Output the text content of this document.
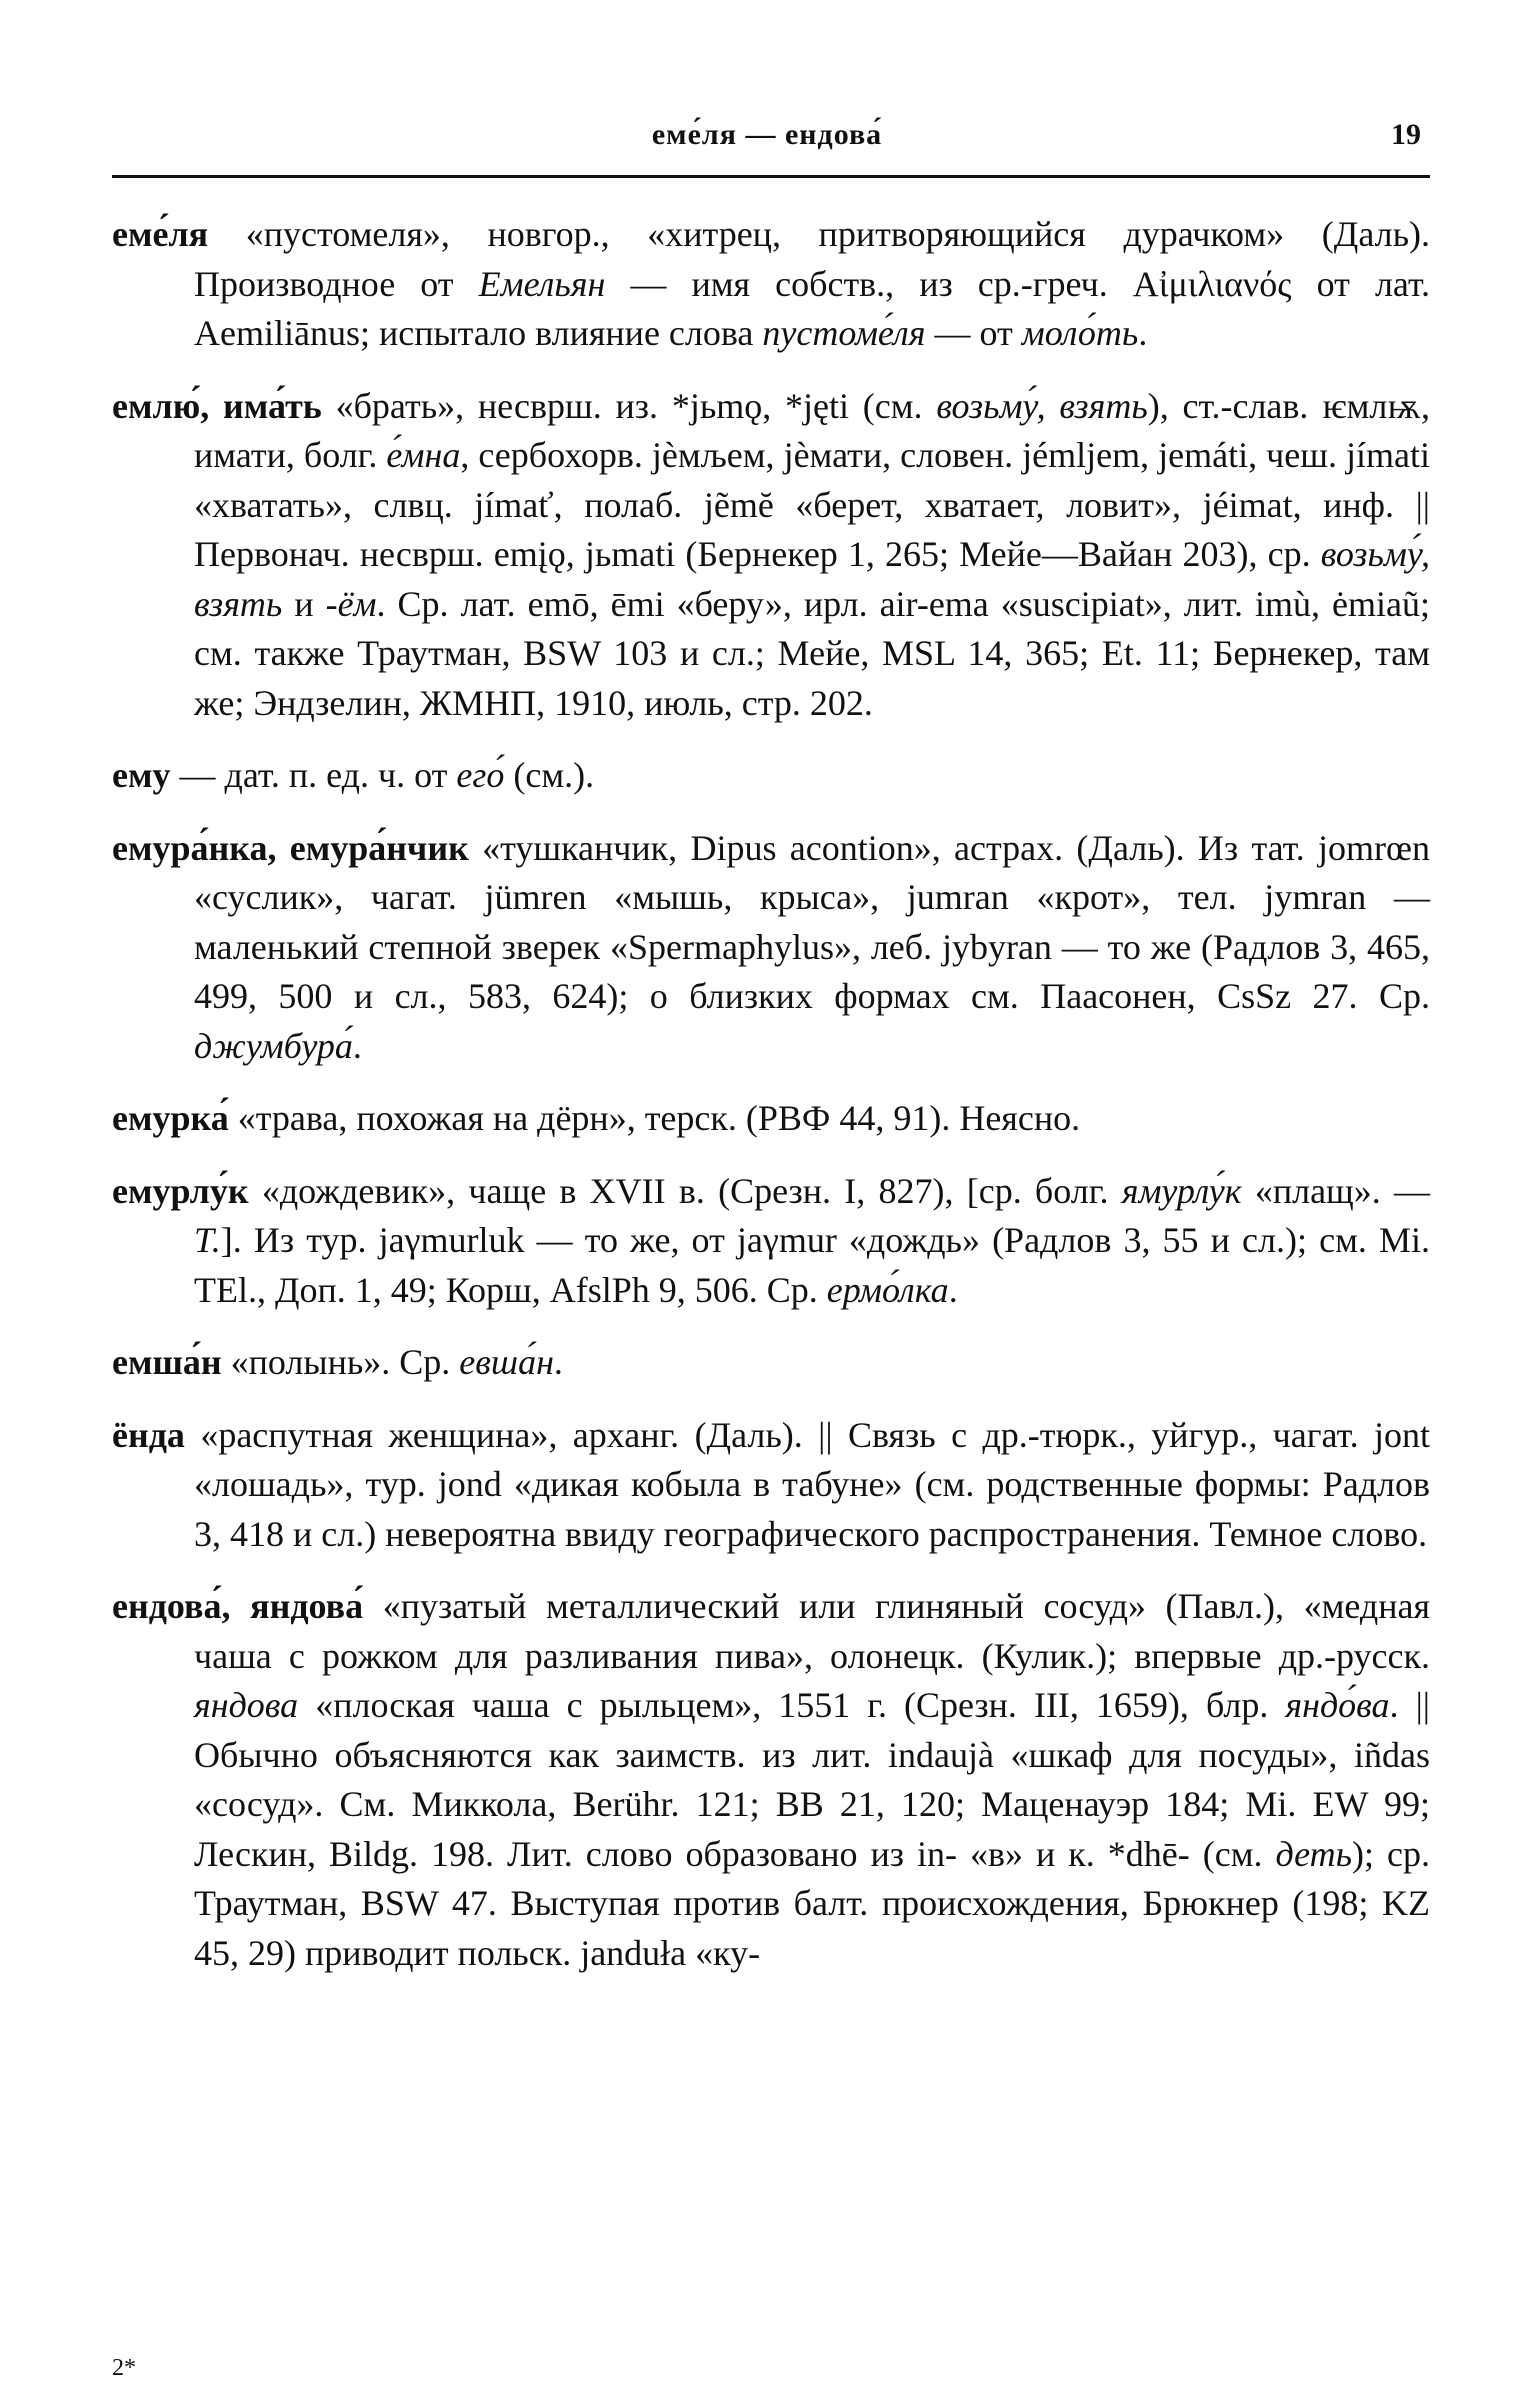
еме́ля — ендова́	19

еме́ля «пустомеля», новгор., «хитрец, притворяющийся дурачком» (Даль). Производное от Емельян — имя собств., из ср.-греч. Αἰμιλιανός от лат. Aemiliānus; испытало влияние слова пустоме́ля — от моло́ть.

емлю́, има́ть «брать», несврш. из. *jьmǫ, *jęti (см. возьму́, взять), ст.-слав. ѥмлѭ, имати, болг. е́мна, сербохорв. jѐмљем, jѐмати, словен. jémljem, jemáti, чеш. jímati «хватать», слвц. jímať, полаб. jẽmĕ «берет, хватает, ловит», jéimat, инф. || Первонач. несврш. emįǫ, jьmati (Бернекер 1, 265; Мейе—Вайан 203), ср. возьму́, взять и -ём. Ср. лат. emō, ēmi «беру», ирл. air-ema «suscipiat», лит. imù, ėmiaũ; см. также Траутман, BSW 103 и сл.; Мейе, MSL 14, 365; Et. 11; Бернекер, там же; Эндзелин, ЖМНП, 1910, июль, стр. 202.

ему — дат. п. ед. ч. от его́ (см.).

емура́нка, емура́нчик «тушканчик, Dipus acontion», астрах. (Даль). Из тат. jomrœn «суслик», чагат. jümren «мышь, крыса», jumran «крот», тел. jymran — маленький степной зверек «Spermaphylus», леб. jybyran — то же (Радлов 3, 465, 499, 500 и сл., 583, 624); о близких формах см. Паасонен, CsSz 27. Ср. джумбура́.

емурка́ «трава, похожая на дёрн», терск. (РВФ 44, 91). Неясно.

емурлу́к «дождевик», чаще в XVII в. (Срезн. I, 827), [ср. болг. ямурлу́к «плащ». — Т.]. Из тур. jaγmurluk — то же, от jaγmur «дождь» (Радлов 3, 55 и сл.); см. Mi. TEl., Доп. 1, 49; Корш, AfslPh 9, 506. Ср. ермо́лка.

емша́н «полынь». Ср. евша́н.

ёнда «распутная женщина», арханг. (Даль). || Связь с др.-тюрк., уйгур., чагат. jont «лошадь», тур. jond «дикая кобыла в табуне» (см. родственные формы: Радлов 3, 418 и сл.) невероятна ввиду географического распространения. Темное слово.

ендова́, яндова́ «пузатый металлический или глиняный сосуд» (Павл.), «медная чаша с рожком для разливания пива», олонецк. (Кулик.); впервые др.-русск. яндова «плоская чаша с рыльцем», 1551 г. (Срезн. III, 1659), блр. яндо́ва. || Обычно объясняются как заимств. из лит. indaujà «шкаф для посуды», iñdas «сосуд». См. Миккола, Berühr. 121; BB 21, 120; Маценауэр 184; Mi. EW 99; Лескин, Bildg. 198. Лит. слово образовано из in- «в» и к. *dhē- (см. деть); ср. Траутман, BSW 47. Выступая против балт. происхождения, Брюкнер (198; KZ 45, 29) приводит польск. jandułа «ку-

2*
